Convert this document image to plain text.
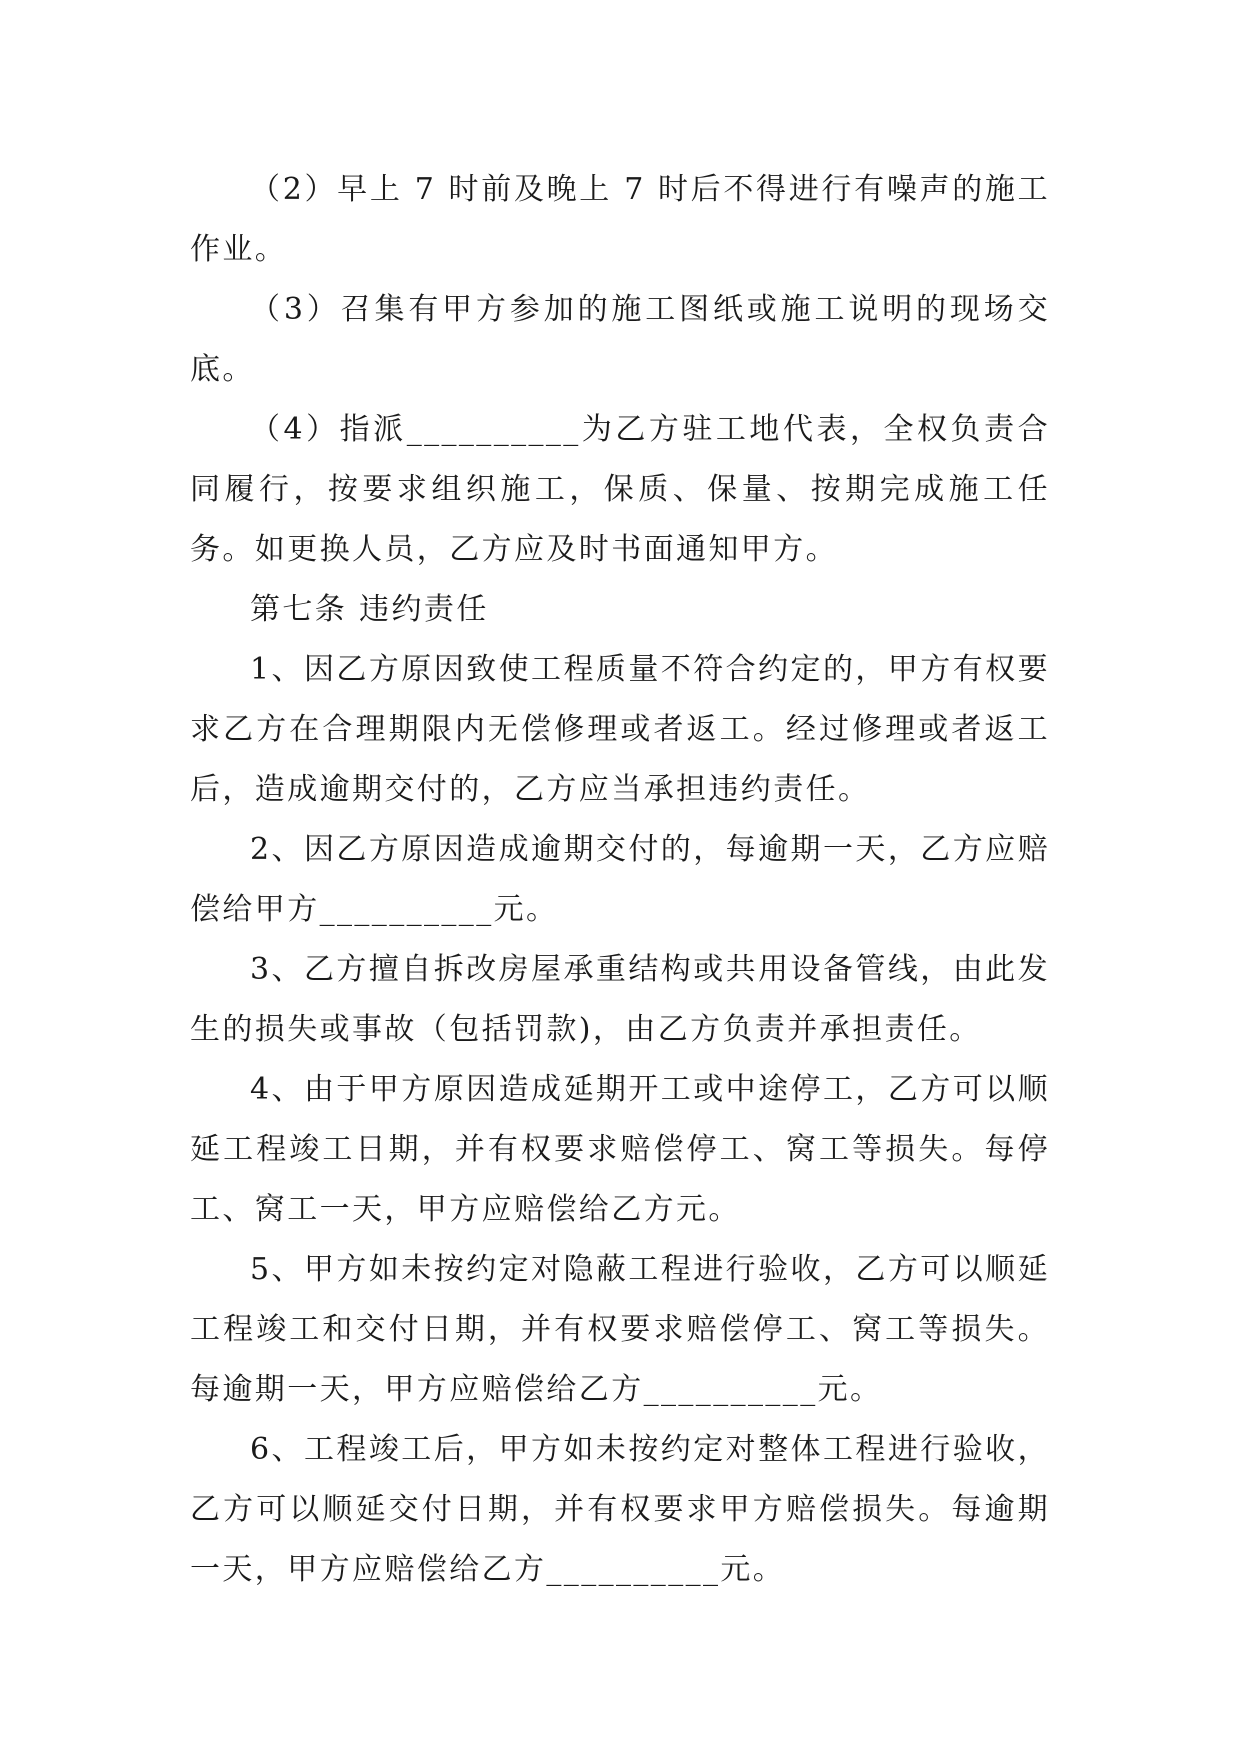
（2）早上 7 时前及晚上 7 时后不得进行有噪声的施工作业。

（3）召集有甲方参加的施工图纸或施工说明的现场交底。

（4）指派__________为乙方驻工地代表，全权负责合同履行，按要求组织施工，保质、保量、按期完成施工任务。如更换人员，乙方应及时书面通知甲方。

第七条 违约责任

1、因乙方原因致使工程质量不符合约定的，甲方有权要求乙方在合理期限内无偿修理或者返工。经过修理或者返工后，造成逾期交付的，乙方应当承担违约责任。

2、因乙方原因造成逾期交付的，每逾期一天，乙方应赔偿给甲方__________元。

3、乙方擅自拆改房屋承重结构或共用设备管线，由此发生的损失或事故（包括罚款)，由乙方负责并承担责任。

4、由于甲方原因造成延期开工或中途停工，乙方可以顺延工程竣工日期，并有权要求赔偿停工、窝工等损失。每停工、窝工一天，甲方应赔偿给乙方元。

5、甲方如未按约定对隐蔽工程进行验收，乙方可以顺延工程竣工和交付日期，并有权要求赔偿停工、窝工等损失。每逾期一天，甲方应赔偿给乙方__________元。

6、工程竣工后，甲方如未按约定对整体工程进行验收，乙方可以顺延交付日期，并有权要求甲方赔偿损失。每逾期一天，甲方应赔偿给乙方__________元。
